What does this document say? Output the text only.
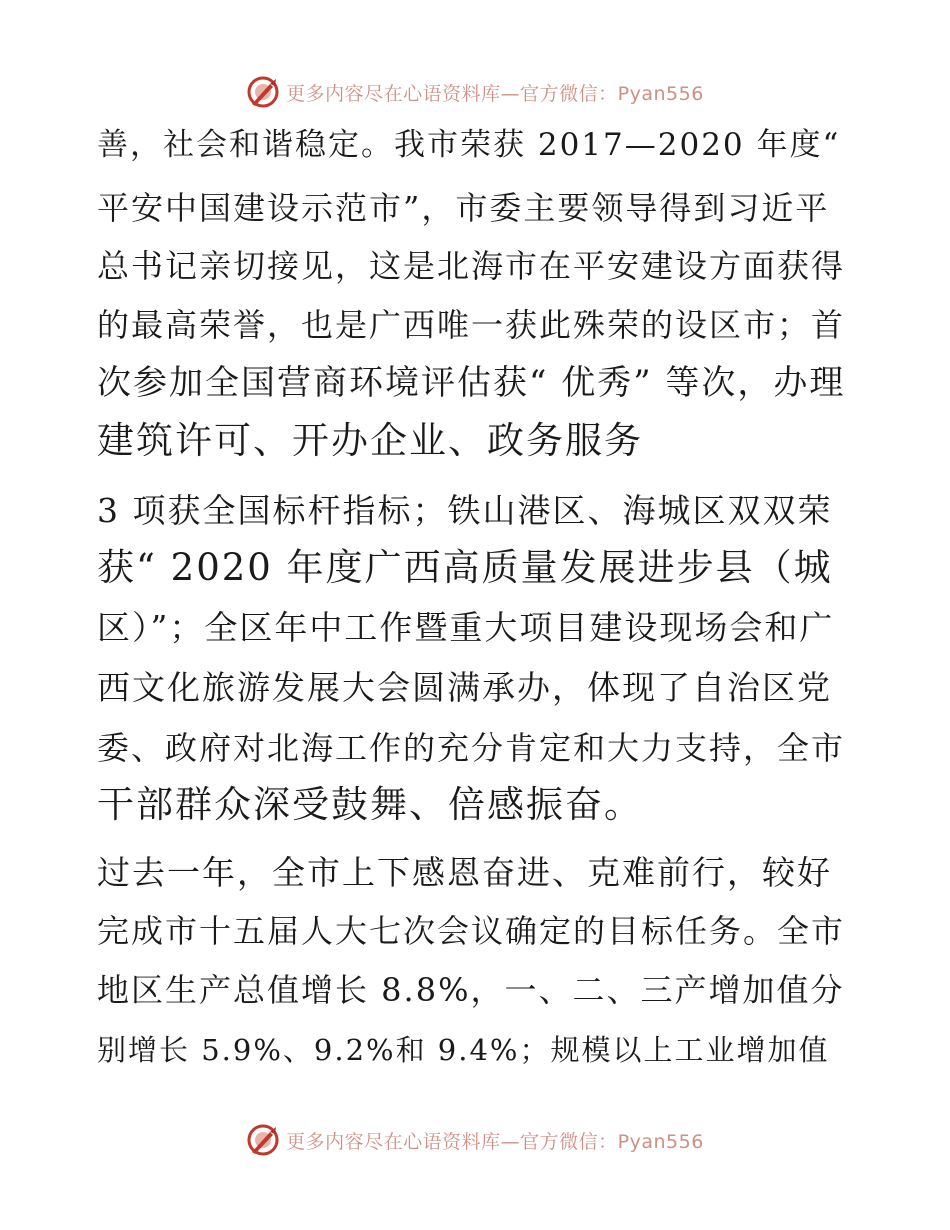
更多内容尽在心语资料库—官方微信：Pyan556
善，社会和谐稳定。我市荣获 2017—2020 年度“
平安中国建设示范市”，市委主要领导得到习近平
总书记亲切接见，这是北海市在平安建设方面获得
的最高荣誉，也是广西唯一获此殊荣的设区市；首
次参加全国营商环境评估获“ 优秀” 等次，办理
建筑许可、开办企业、政务服务
3 项获全国标杆指标；铁山港区、海城区双双荣
获“ 2020 年度广西高质量发展进步县（城
区）”；全区年中工作暨重大项目建设现场会和广
西文化旅游发展大会圆满承办，体现了自治区党
委、政府对北海工作的充分肯定和大力支持，全市
干部群众深受鼓舞、倍感振奋。
过去一年，全市上下感恩奋进、克难前行，较好
完成市十五届人大七次会议确定的目标任务。全市
地区生产总值增长 8.8%，一、二、三产增加值分
别增长 5.9%、9.2%和 9.4%；规模以上工业增加值
更多内容尽在心语资料库—官方微信：Pyan556
